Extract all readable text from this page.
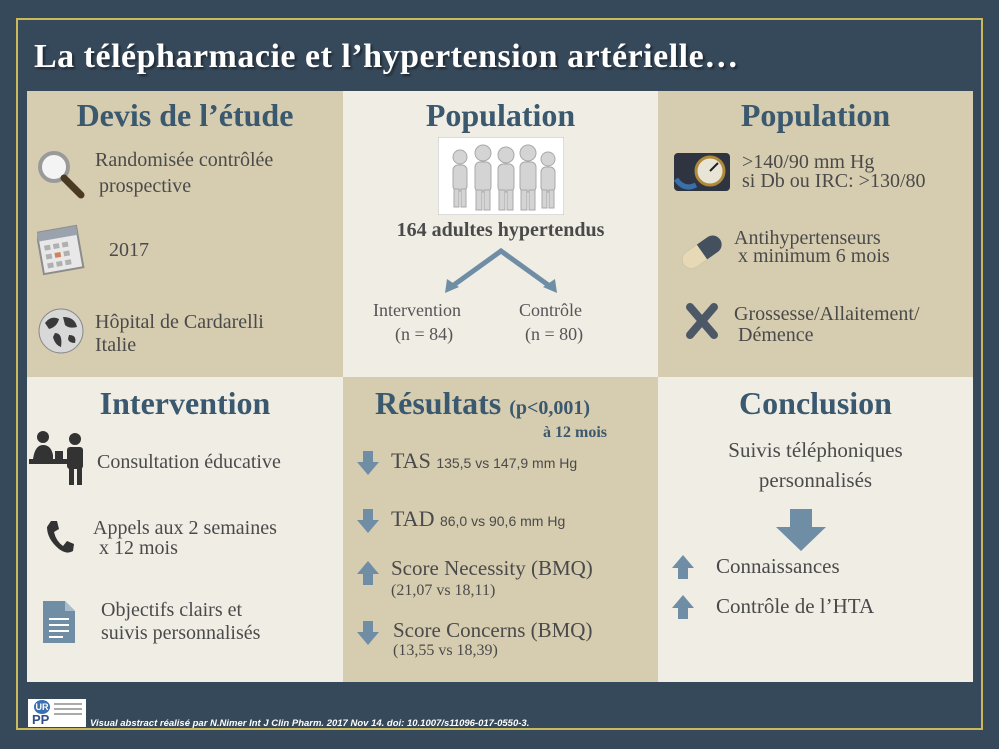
La télépharmacie et l’hypertension artérielle…
Devis de l’étude
Randomisée contrôlée
prospective
2017
Hôpital de Cardarelli
Italie
Population
164 adultes hypertendus
Intervention
(n = 84)
Contrôle
(n = 80)
Population
>140/90 mm Hg
si Db ou IRC: >130/80
Antihypertenseurs
x minimum 6 mois
Grossesse/Allaitement/
Démence
Intervention
Consultation éducative
Appels aux 2 semaines
x 12 mois
Objectifs clairs et
suivis personnalisés
Résultats (p<0,001)
à 12 mois
TAS 135,5 vs 147,9 mm Hg
TAD 86,0 vs 90,6 mm Hg
Score Necessity (BMQ)
(21,07 vs 18,11)
Score Concerns (BMQ)
(13,55 vs 18,39)
Conclusion
Suivis téléphoniques
personnalisés
Connaissances
Contrôle de l’HTA
UR
PP	Visual abstract réalisé par N.Nimer Int J Clin Pharm. 2017 Nov 14. doi: 10.1007/s11096-017-0550-3.
